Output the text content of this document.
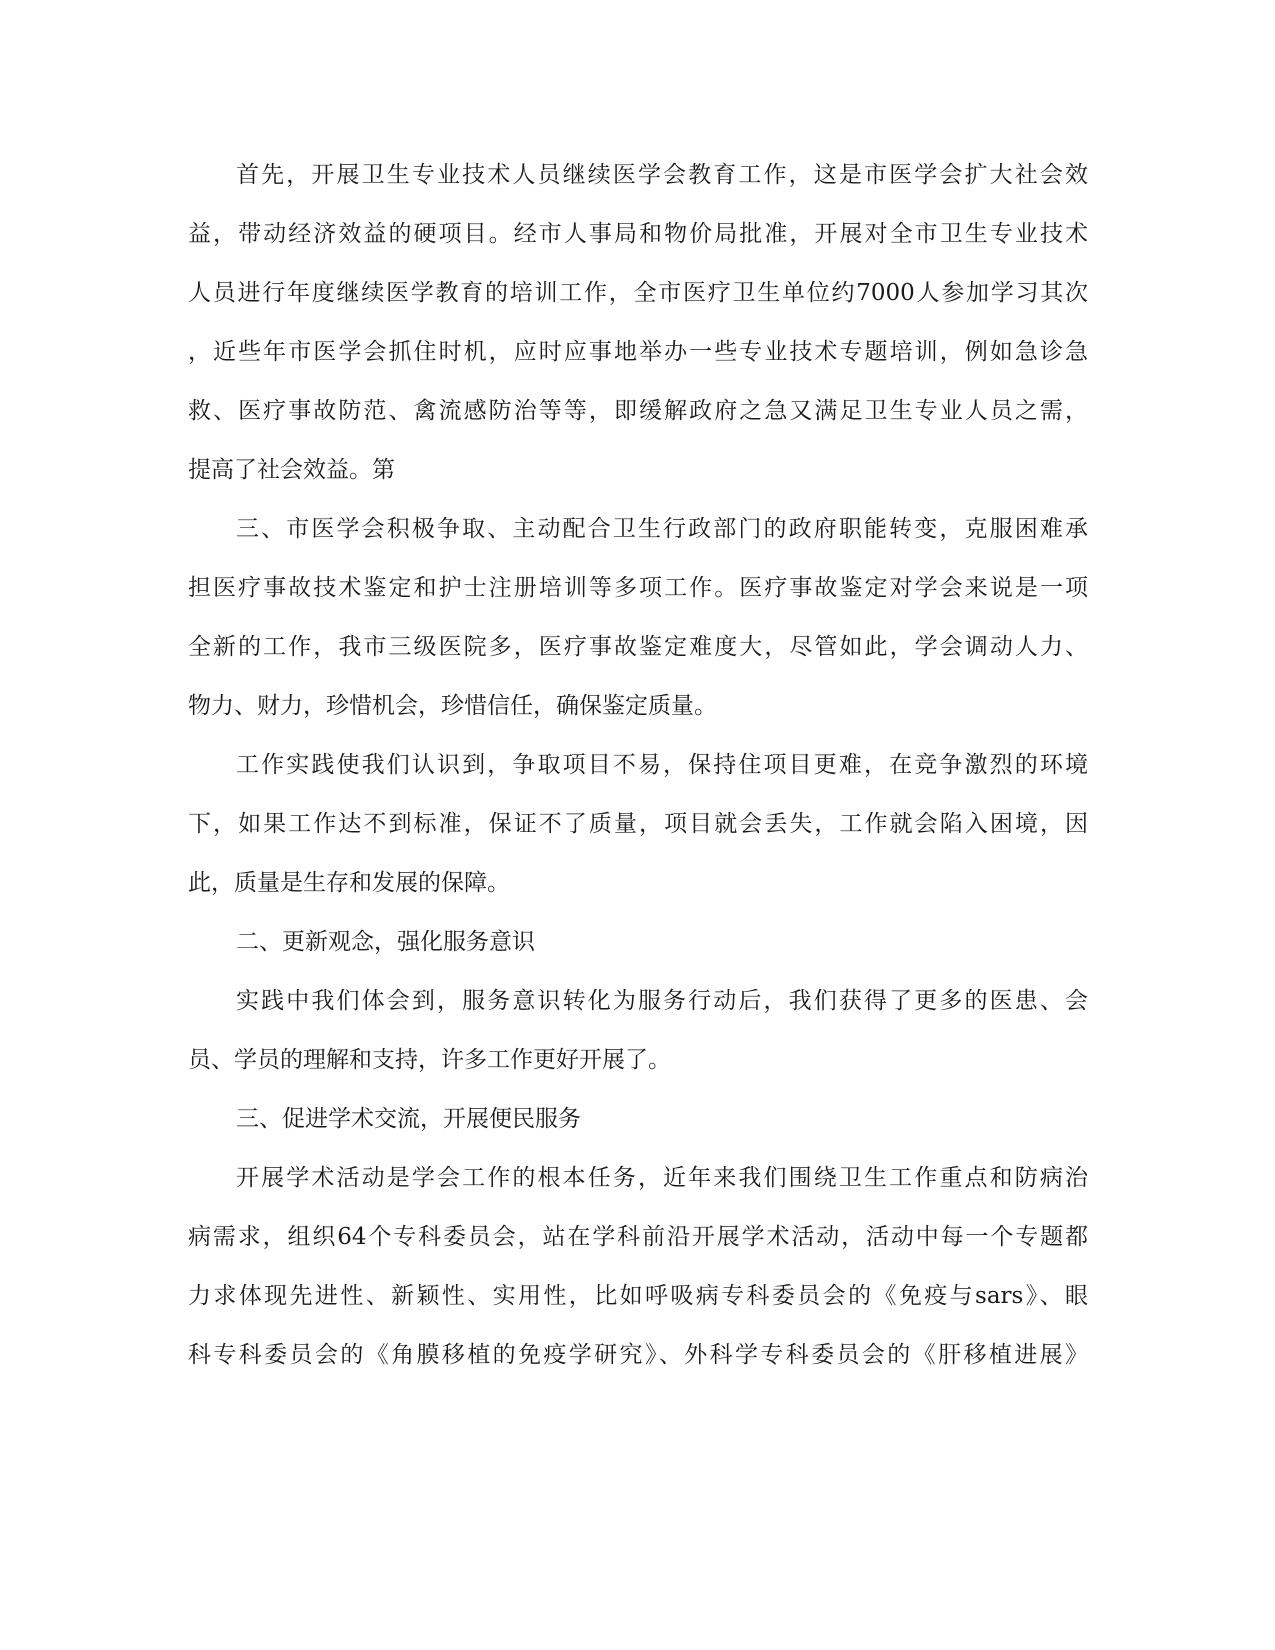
首先，开展卫生专业技术人员继续医学会教育工作，这是市医学会扩大社会效
益，带动经济效益的硬项目。经市人事局和物价局批准，开展对全市卫生专业技术
人员进行年度继续医学教育的培训工作，全市医疗卫生单位约7000人参加学习其次
，近些年市医学会抓住时机，应时应事地举办一些专业技术专题培训，例如急诊急
救、医疗事故防范、禽流感防治等等，即缓解政府之急又满足卫生专业人员之需，
提高了社会效益。第
三、市医学会积极争取、主动配合卫生行政部门的政府职能转变，克服困难承
担医疗事故技术鉴定和护士注册培训等多项工作。医疗事故鉴定对学会来说是一项
全新的工作，我市三级医院多，医疗事故鉴定难度大，尽管如此，学会调动人力、
物力、财力，珍惜机会，珍惜信任，确保鉴定质量。
工作实践使我们认识到，争取项目不易，保持住项目更难，在竞争激烈的环境
下，如果工作达不到标准，保证不了质量，项目就会丢失，工作就会陷入困境，因
此，质量是生存和发展的保障。
二、更新观念，强化服务意识
实践中我们体会到，服务意识转化为服务行动后，我们获得了更多的医患、会
员、学员的理解和支持，许多工作更好开展了。
三、促进学术交流，开展便民服务
开展学术活动是学会工作的根本任务，近年来我们围绕卫生工作重点和防病治
病需求，组织64个专科委员会，站在学科前沿开展学术活动，活动中每一个专题都
力求体现先进性、新颖性、实用性，比如呼吸病专科委员会的《免疫与sars》、眼
科专科委员会的《角膜移植的免疫学研究》、外科学专科委员会的《肝移植进展》
